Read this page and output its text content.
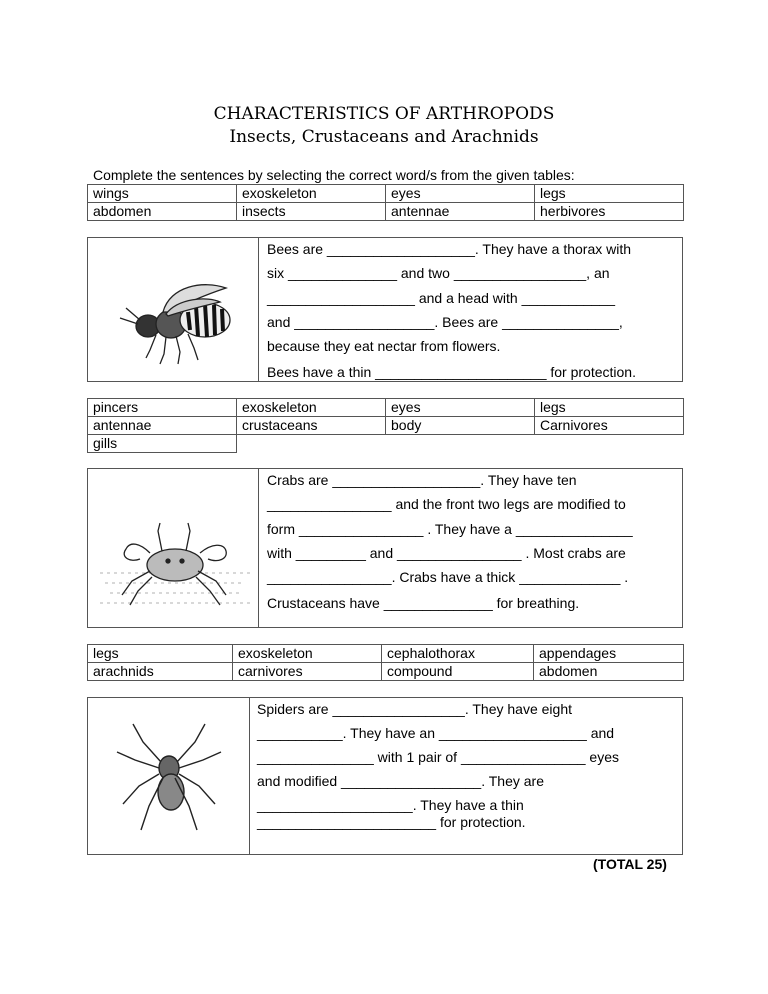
CHARACTERISTICS OF ARTHROPODS
Insects, Crustaceans and Arachnids
Complete the sentences by selecting the correct word/s from the given tables:
wings	exoskeleton	eyes	legs
abdomen	insects	antennae	herbivores
Bees are ___________________. They have a thorax with
six ______________ and two _________________, an
___________________ and a head with ____________
and __________________. Bees are _______________,
because they eat nectar from flowers.
Bees have a thin ______________________ for protection.
pincers	exoskeleton	eyes	legs
antennae	crustaceans	body	Carnivores
gills			
Crabs are ___________________. They have ten
________________ and the front two legs are modified to
form ________________ . They have a _______________
with _________ and ________________ . Most crabs are
________________. Crabs have a thick _____________ .
Crustaceans have ______________ for breathing.
legs	exoskeleton	cephalothorax	appendages
arachnids	carnivores	compound	abdomen
Spiders are _________________. They have eight
___________. They have an ___________________ and
_______________ with 1 pair of ________________ eyes
and modified __________________. They are
____________________. They have a thin
_______________________ for protection.
(TOTAL 25)
